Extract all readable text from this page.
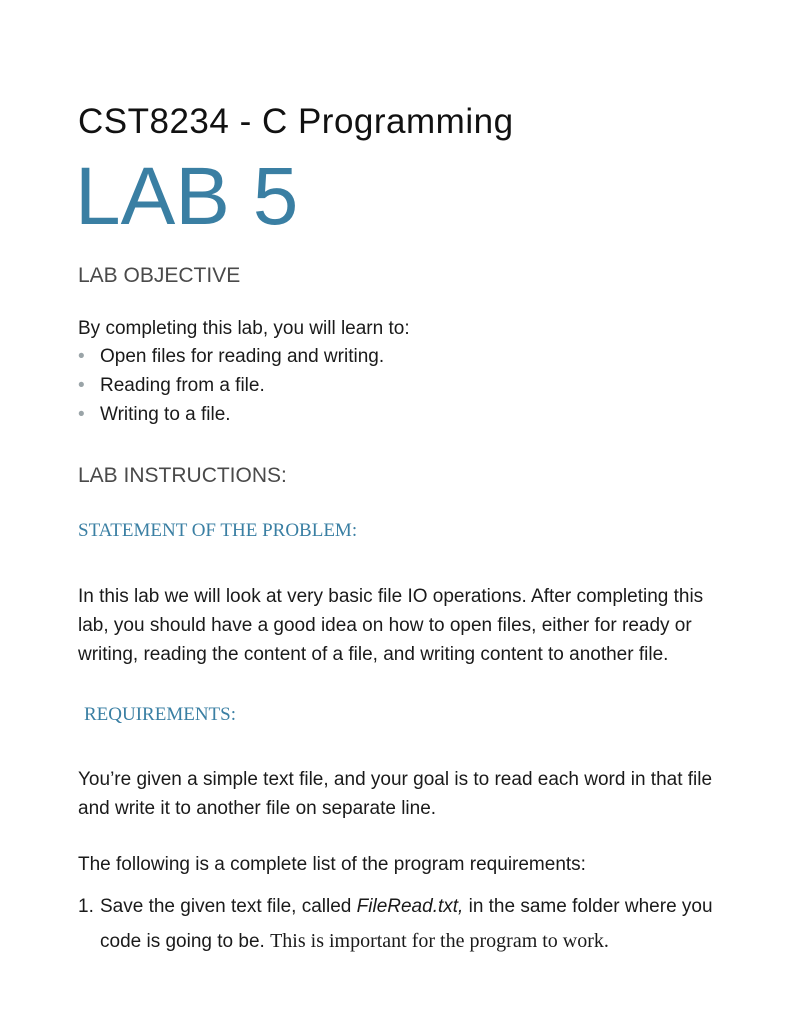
CST8234 - C Programming
LAB 5
LAB OBJECTIVE
By completing this lab, you will learn to:
• Open files for reading and writing.
• Reading from a file.
• Writing to a file.
LAB INSTRUCTIONS:
STATEMENT OF THE PROBLEM:
In this lab we will look at very basic file IO operations. After completing this lab, you should have a good idea on how to open files, either for ready or writing, reading the content of a file, and writing content to another file.
REQUIREMENTS:
You’re given a simple text file, and your goal is to read each word in that file and write it to another file on separate line.
The following is a complete list of the program requirements:
1. Save the given text file, called FileRead.txt, in the same folder where you code is going to be. This is important for the program to work.
